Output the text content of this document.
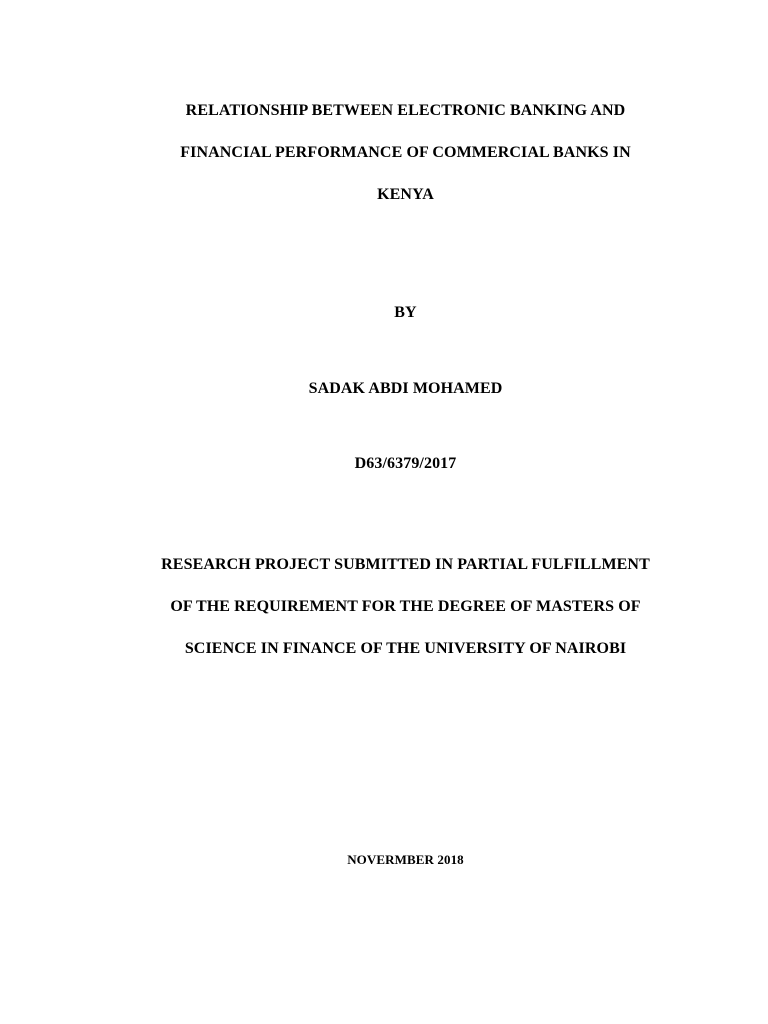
RELATIONSHIP BETWEEN ELECTRONIC BANKING AND
FINANCIAL PERFORMANCE OF COMMERCIAL BANKS IN
KENYA
BY
SADAK ABDI MOHAMED
D63/6379/2017
RESEARCH PROJECT SUBMITTED IN PARTIAL FULFILLMENT
OF THE REQUIREMENT FOR THE DEGREE OF MASTERS OF
SCIENCE IN FINANCE OF THE UNIVERSITY OF NAIROBI
NOVERMBER 2018
